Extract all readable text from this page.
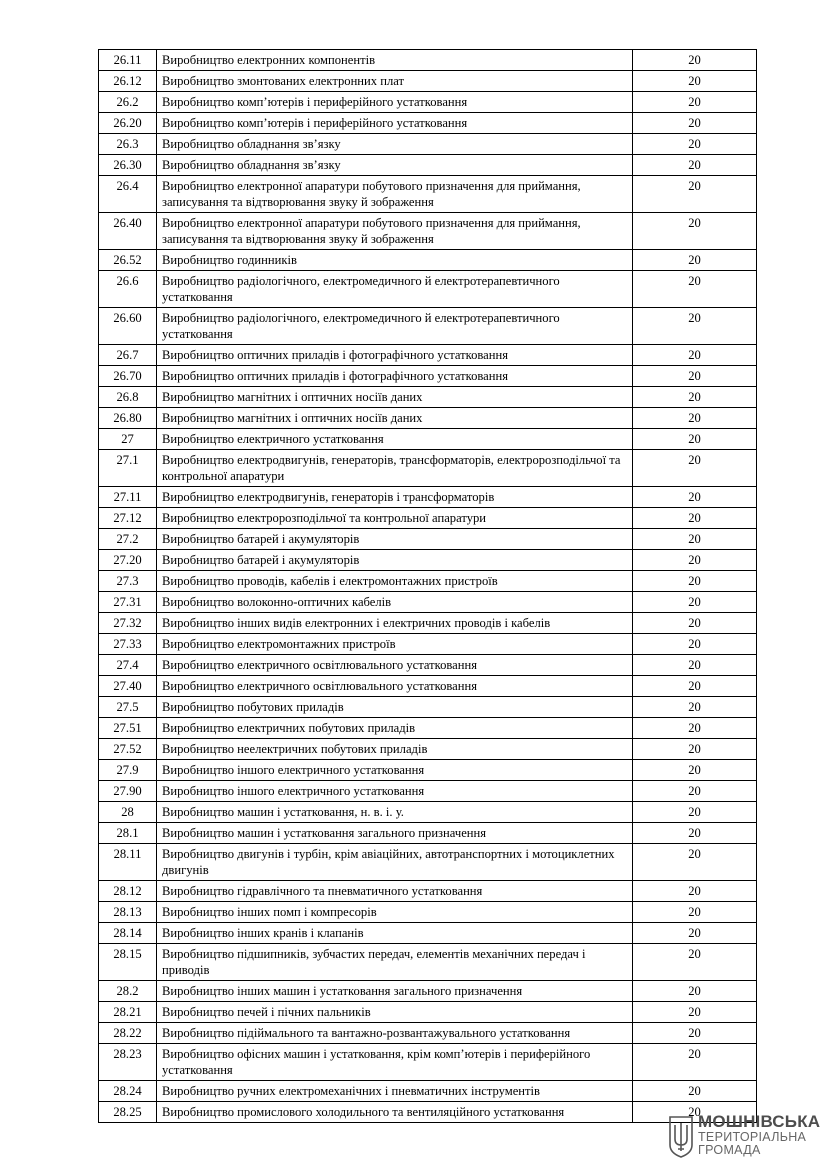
26.11	Виробництво електронних компонентів	20
26.12	Виробництво змонтованих електронних плат	20
26.2	Виробництво комп’ютерів і периферійного устатковання	20
26.20	Виробництво комп’ютерів і периферійного устатковання	20
26.3	Виробництво обладнання зв’язку	20
26.30	Виробництво обладнання зв’язку	20
26.4	Виробництво електронної апаратури побутового призначення для приймання, записування та відтворювання звуку й зображення	20
26.40	Виробництво електронної апаратури побутового призначення для приймання, записування та відтворювання звуку й зображення	20
26.52	Виробництво годинників	20
26.6	Виробництво радіологічного, електромедичного й електротерапевтичного устатковання	20
26.60	Виробництво радіологічного, електромедичного й електротерапевтичного устатковання	20
26.7	Виробництво оптичних приладів і фотографічного устатковання	20
26.70	Виробництво оптичних приладів і фотографічного устатковання	20
26.8	Виробництво магнітних і оптичних носіїв даних	20
26.80	Виробництво магнітних і оптичних носіїв даних	20
27	Виробництво електричного устатковання	20
27.1	Виробництво електродвигунів, генераторів, трансформаторів, електророзподільчої та контрольної апаратури	20
27.11	Виробництво електродвигунів, генераторів і трансформаторів	20
27.12	Виробництво електророзподільчої та контрольної апаратури	20
27.2	Виробництво батарей і акумуляторів	20
27.20	Виробництво батарей і акумуляторів	20
27.3	Виробництво проводів, кабелів і електромонтажних пристроїв	20
27.31	Виробництво волоконно-оптичних кабелів	20
27.32	Виробництво інших видів електронних і електричних проводів і кабелів	20
27.33	Виробництво електромонтажних пристроїв	20
27.4	Виробництво електричного освітлювального устатковання	20
27.40	Виробництво електричного освітлювального устатковання	20
27.5	Виробництво побутових приладів	20
27.51	Виробництво електричних побутових приладів	20
27.52	Виробництво неелектричних побутових приладів	20
27.9	Виробництво іншого електричного устатковання	20
27.90	Виробництво іншого електричного устатковання	20
28	Виробництво машин і устатковання, н. в. і. у.	20
28.1	Виробництво машин і устатковання загального призначення	20
28.11	Виробництво двигунів і турбін, крім авіаційних, автотранспортних і мотоциклетних двигунів	20
28.12	Виробництво гідравлічного та пневматичного устатковання	20
28.13	Виробництво інших помп і компресорів	20
28.14	Виробництво інших кранів і клапанів	20
28.15	Виробництво підшипників, зубчастих передач, елементів механічних передач і приводів	20
28.2	Виробництво інших машин і устатковання загального призначення	20
28.21	Виробництво печей і пічних пальників	20
28.22	Виробництво підіймального та вантажно-розвантажувального устатковання	20
28.23	Виробництво офісних машин і устатковання, крім комп’ютерів і периферійного устатковання	20
28.24	Виробництво ручних електромеханічних і пневматичних інструментів	20
28.25	Виробництво промислового холодильного та вентиляційного устатковання	20
МОШНІВСЬКА
ТЕРИТОРІАЛЬНА
ГРОМАДА
